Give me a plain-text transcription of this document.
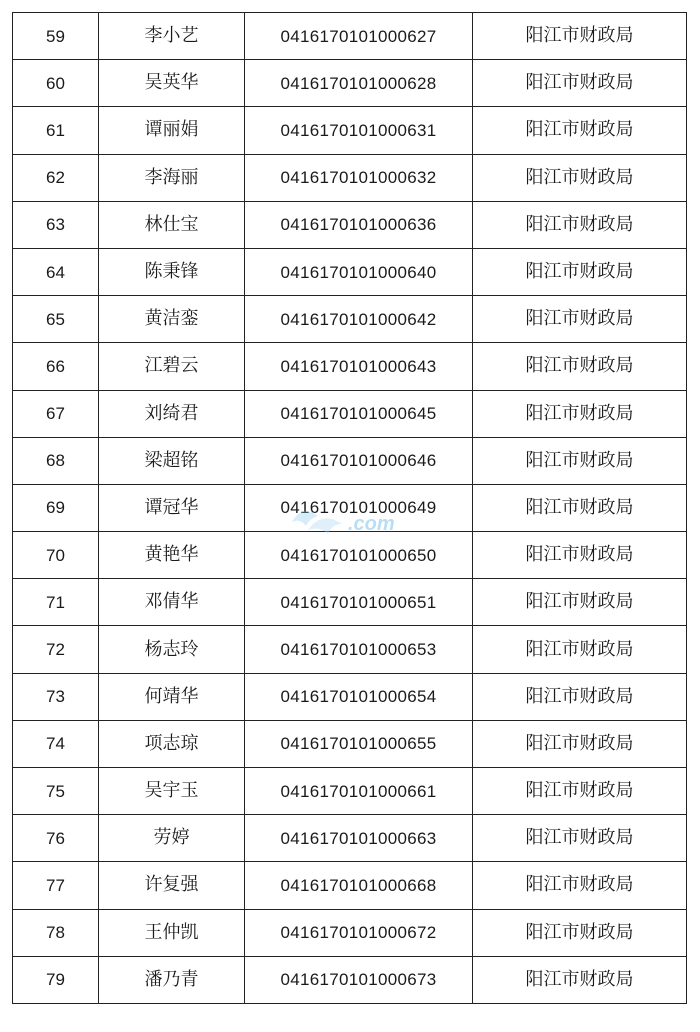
59	李小艺	0416170101000627	阳江市财政局
60	吴英华	0416170101000628	阳江市财政局
61	谭丽娟	0416170101000631	阳江市财政局
62	李海丽	0416170101000632	阳江市财政局
63	林仕宝	0416170101000636	阳江市财政局
64	陈秉锋	0416170101000640	阳江市财政局
65	黄洁銮	0416170101000642	阳江市财政局
66	江碧云	0416170101000643	阳江市财政局
67	刘绮君	0416170101000645	阳江市财政局
68	梁超铭	0416170101000646	阳江市财政局
69	谭冠华	0416170101000649	阳江市财政局
70	黄艳华	0416170101000650	阳江市财政局
71	邓倩华	0416170101000651	阳江市财政局
72	杨志玲	0416170101000653	阳江市财政局
73	何靖华	0416170101000654	阳江市财政局
74	项志琼	0416170101000655	阳江市财政局
75	吴宇玉	0416170101000661	阳江市财政局
76	劳婷	0416170101000663	阳江市财政局
77	许复强	0416170101000668	阳江市财政局
78	王仲凯	0416170101000672	阳江市财政局
79	潘乃青	0416170101000673	阳江市财政局
.com
